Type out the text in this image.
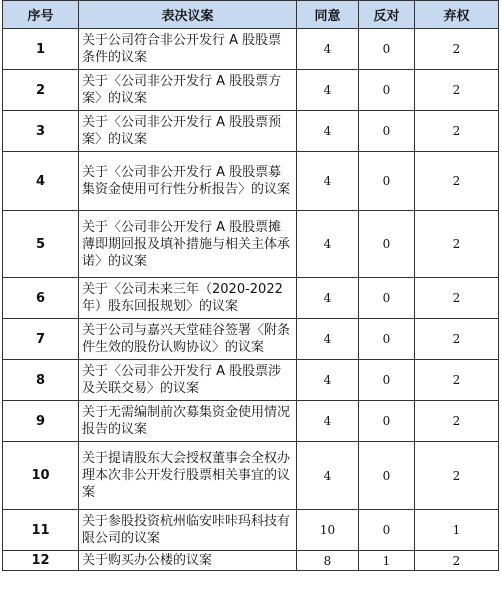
序号	表决议案	同意	反对	弃权
1	关于公司符合非公开发行 A 股股票条件的议案	4	0	2
2	关于〈公司非公开发行 A 股股票方案〉的议案	4	0	2
3	关于〈公司非公开发行 A 股股票预案〉的议案	4	0	2
4	关于〈公司非公开发行 A 股股票募集资金使用可行性分析报告〉的议案	4	0	2
5	关于〈公司非公开发行 A 股股票摊薄即期回报及填补措施与相关主体承诺〉的议案	4	0	2
6	关于〈公司未来三年（2020-2022年）股东回报规划〉的议案	4	0	2
7	关于公司与嘉兴天堂硅谷签署〈附条件生效的股份认购协议〉的议案	4	0	2
8	关于〈公司非公开发行 A 股股票涉及关联交易〉的议案	4	0	2
9	关于无需编制前次募集资金使用情况报告的议案	4	0	2
10	关于提请股东大会授权董事会全权办理本次非公开发行股票相关事宜的议案	4	0	2
11	关于参股投资杭州临安咔咔玛科技有限公司的议案	10	0	1
12	关于购买办公楼的议案	8	1	2
